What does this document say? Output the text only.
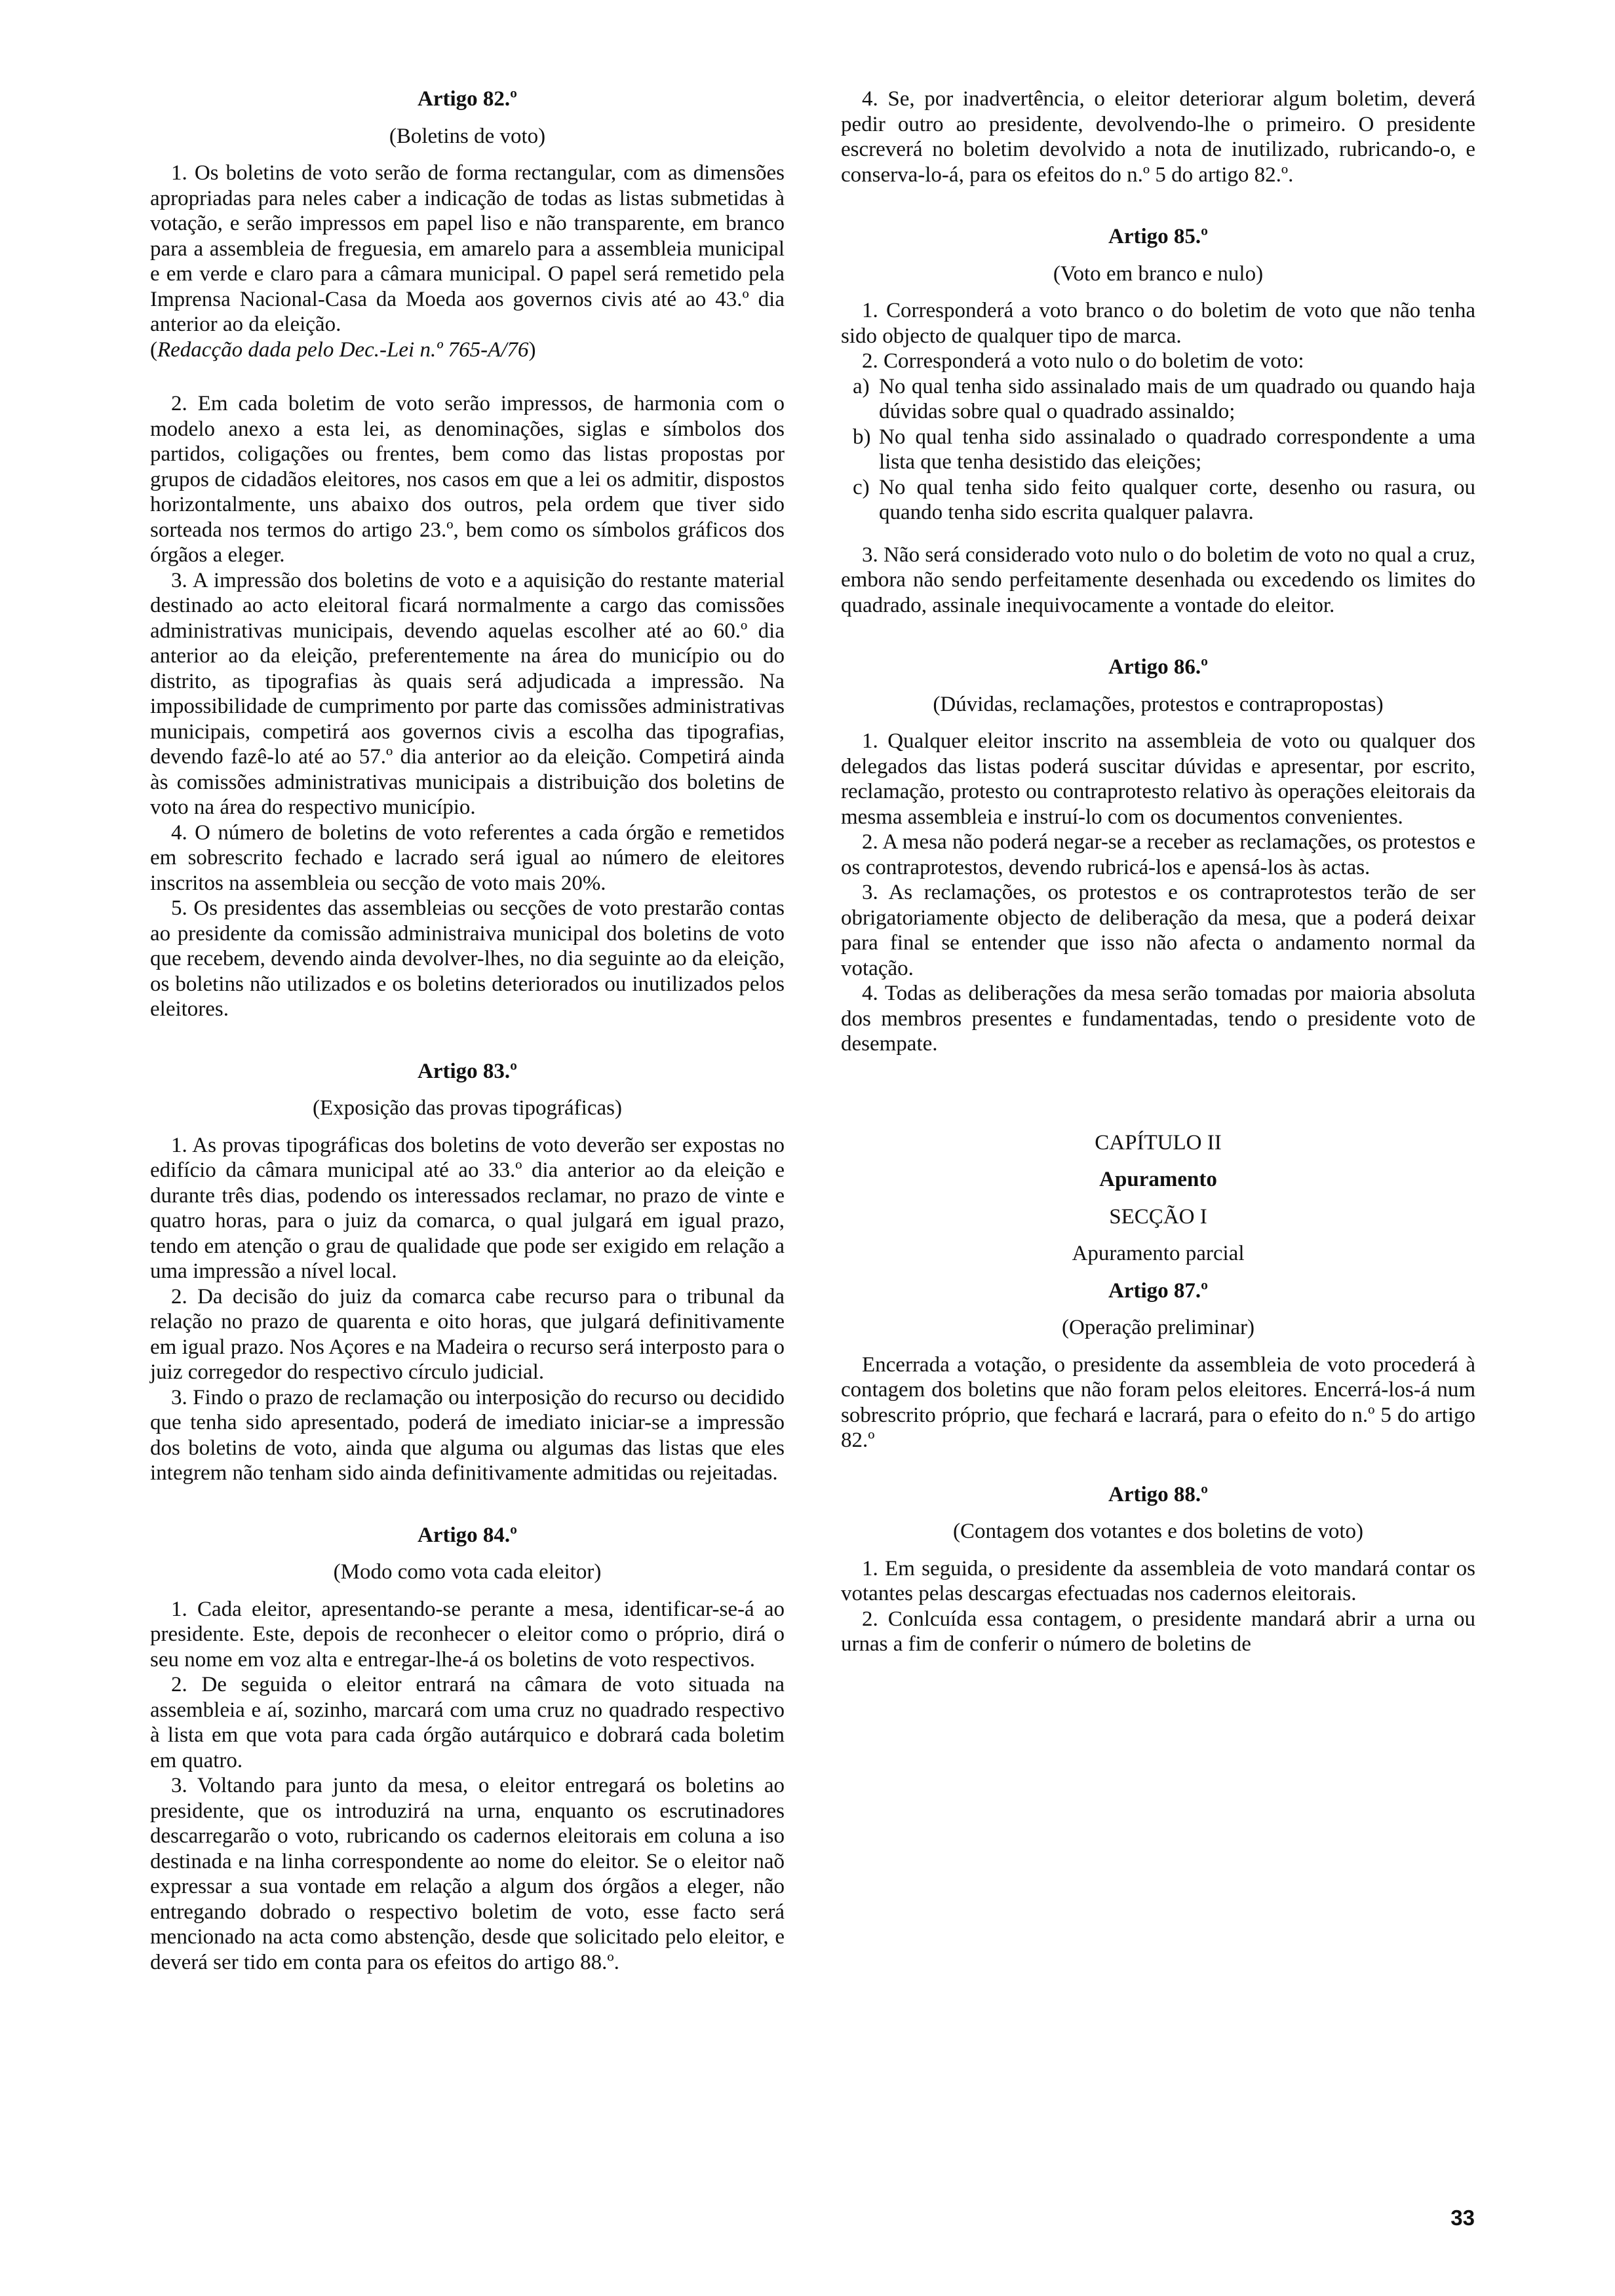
Artigo 82.º

( Boletins de voto )

1. Os boletins de voto serão de forma rectangular, com as dimensões apropriadas para neles caber a indicação de todas as listas submetidas à votação, e serão impressos em papel liso e não transparente, em branco para a assembleia de freguesia, em amarelo para a assembleia municipal e em verde e claro para a câmara municipal. O papel será remetido pela Imprensa Nacional-Casa da Moeda aos governos civis até ao 43.º dia anterior ao da eleição.

( Redacção dada pelo Dec.-Lei n.º 765-A/76 )

2. Em cada boletim de voto serão impressos, de harmonia com o modelo anexo a esta lei, as denominações, siglas e símbolos dos partidos, coligações ou frentes, bem como das listas propostas por grupos de cidadãos eleitores, nos casos em que a lei os admitir, dispostos horizontalmente, uns abaixo dos outros, pela ordem que tiver sido sorteada nos termos do artigo 23.º, bem como os símbolos gráficos dos órgãos a eleger.

3. A impressão dos boletins de voto e a aquisição do restante material destinado ao acto eleitoral ficará normalmente a cargo das comissões administrativas municipais, devendo aquelas escolher até ao 60.º dia anterior ao da eleição, preferentemente na área do município ou do distrito, as tipografias às quais será adjudicada a impressão. Na impossibilidade de cumprimento por parte das comissões administrativas municipais, competirá aos governos civis a escolha das tipografias, devendo fazê-lo até ao 57.º dia anterior ao da eleição. Competirá ainda às comissões administrativas municipais a distribuição dos boletins de voto na área do respectivo município.

4. O número de boletins de voto referentes a cada órgão e remetidos em sobrescrito fechado e lacrado será igual ao número de eleitores inscritos na assembleia ou secção de voto mais 20%.

5. Os presidentes das assembleias ou secções de voto prestarão contas ao presidente da comissão administraiva municipal dos boletins de voto que recebem, devendo ainda devolver-lhes, no dia seguinte ao da eleição, os boletins não utilizados e os boletins deteriorados ou inutilizados pelos eleitores.

Artigo 83.º

( Exposição das provas tipográficas )

1. As provas tipográficas dos boletins de voto deverão ser expostas no edifício da câmara municipal até ao 33.º dia anterior ao da eleição e durante três dias, podendo os interessados reclamar, no prazo de vinte e quatro horas, para o juiz da comarca, o qual julgará em igual prazo, tendo em atenção o grau de qualidade que pode ser exigido em relação a uma impressão a nível local.

2. Da decisão do juiz da comarca cabe recurso para o tribunal da relação no prazo de quarenta e oito horas, que julgará definitivamente em igual prazo. Nos Açores e na Madeira o recurso será interposto para o juiz corregedor do respectivo círculo judicial.

3. Findo o prazo de reclamação ou interposição do recurso ou decidido que tenha sido apresentado, poderá de imediato iniciar-se a impressão dos boletins de voto, ainda que alguma ou algumas das listas que eles integrem não tenham sido ainda definitivamente admitidas ou rejeitadas.

Artigo 84.º

( Modo como vota cada eleitor )

1. Cada eleitor, apresentando-se perante a mesa, identificar-se-á ao presidente. Este, depois de reconhecer o eleitor como o próprio, dirá o seu nome em voz alta e entregar-lhe-á os boletins de voto respectivos.

2. De seguida o eleitor entrará na câmara de voto situada na assembleia e aí, sozinho, marcará com uma cruz no quadrado respectivo à lista em que vota para cada órgão autárquico e dobrará cada boletim em quatro.

3. Voltando para junto da mesa, o eleitor entregará os boletins ao presidente, que os introduzirá na urna, enquanto os escrutinadores descarregarão o voto, rubricando os cadernos eleitorais em coluna a iso destinada e na linha correspondente ao nome do eleitor. Se o eleitor naõ expressar a sua vontade em relação a algum dos órgãos a eleger, não entregando dobrado o respectivo boletim de voto, esse facto será mencionado na acta como abstenção, desde que solicitado pelo eleitor, e deverá ser tido em conta para os efeitos do artigo 88.º.

4. Se, por inadvertência, o eleitor deteriorar algum boletim, deverá pedir outro ao presidente, devolvendo-lhe o primeiro. O presidente escreverá no boletim devolvido a nota de inutilizado, rubricando-o, e conserva-lo-á, para os efeitos do n.º 5 do artigo 82.º.

Artigo 85.º

( Voto em branco e nulo )

1. Corresponderá a voto branco o do boletim de voto que não tenha sido objecto de qualquer tipo de marca.

2. Corresponderá a voto nulo o do boletim de voto:

a) No qual tenha sido assinalado mais de um quadrado ou quando haja dúvidas sobre qual o quadrado assinaldo;
b) No qual tenha sido assinalado o quadrado correspondente a uma lista que tenha desistido das eleições;
c) No qual tenha sido feito qualquer corte, desenho ou rasura, ou quando tenha sido escrita qualquer palavra.

3. Não será considerado voto nulo o do boletim de voto no qual a cruz, embora não sendo perfeitamente desenhada ou excedendo os limites do quadrado, assinale inequivocamente a vontade do eleitor.

Artigo 86.º

( Dúvidas, reclamações, protestos e contrapropostas )

1. Qualquer eleitor inscrito na assembleia de voto ou qualquer dos delegados das listas poderá suscitar dúvidas e apresentar, por escrito, reclamação, protesto ou contraprotesto relativo às operações eleitorais da mesma assembleia e instruí-lo com os documentos convenientes.

2. A mesa não poderá negar-se a receber as reclamações, os protestos e os contraprotestos, devendo rubricá-los e apensá-los às actas.

3. As reclamações, os protestos e os contraprotestos terão de ser obrigatoriamente objecto de deliberação da mesa, que a poderá deixar para final se entender que isso não afecta o andamento normal da votação.

4. Todas as deliberações da mesa serão tomadas por maioria absoluta dos membros presentes e fundamentadas, tendo o presidente voto de desempate.

CAPÍTULO II

Apuramento

SECÇÃO I

Apuramento parcial

Artigo 87.º

( Operação preliminar )

Encerrada a votação, o presidente da assembleia de voto procederá à contagem dos boletins que não foram pelos eleitores. Encerrá-los-á num sobrescrito próprio, que fechará e lacrará, para o efeito do n.º 5 do artigo 82.º

Artigo 88.º

( Contagem dos votantes e dos boletins de voto )

1. Em seguida, o presidente da assembleia de voto mandará contar os votantes pelas descargas efectuadas nos cadernos eleitorais.

2. Conlcuída essa contagem, o presidente mandará abrir a urna ou urnas a fim de conferir o número de boletins de

33
